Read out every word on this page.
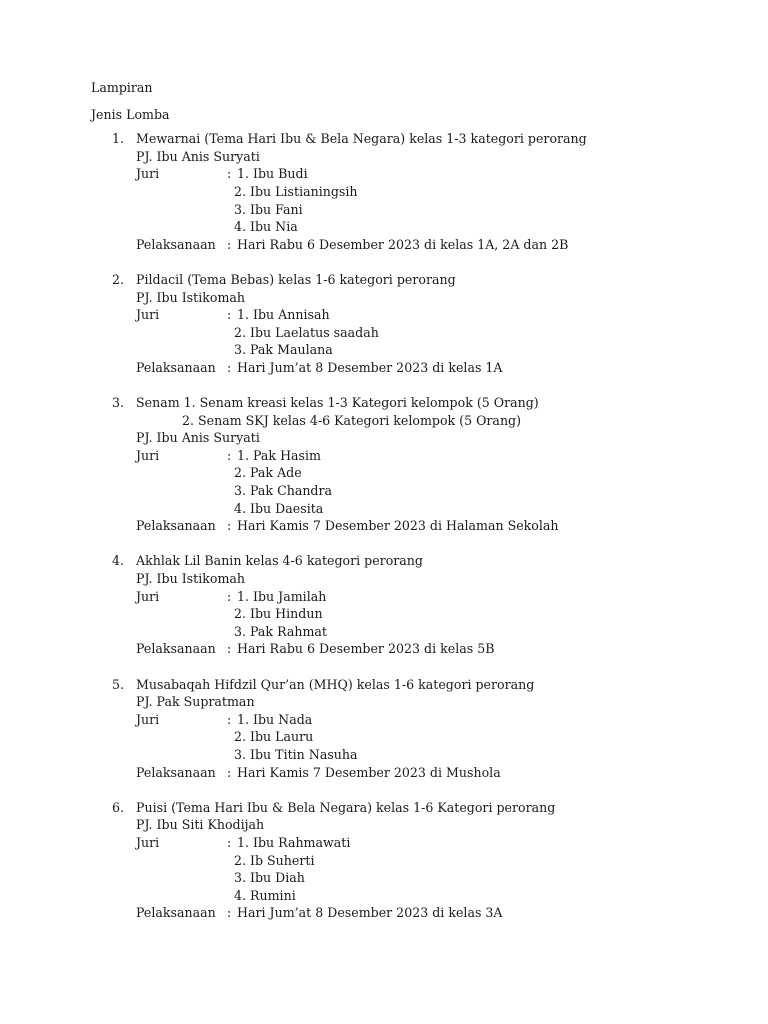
Lampiran
Jenis Lomba
1. Mewarnai (Tema Hari Ibu & Bela Negara) kelas 1-3 kategori perorang
PJ. Ibu Anis Suryati
Juri	: 1. Ibu Budi
2. Ibu Listianingsih
3. Ibu Fani
4. Ibu Nia
Pelaksanaan : Hari Rabu 6 Desember 2023 di kelas 1A, 2A dan 2B
2. Pildacil (Tema Bebas) kelas 1-6 kategori perorang
PJ. Ibu Istikomah
Juri	: 1. Ibu Annisah
2. Ibu Laelatus saadah
3. Pak Maulana
Pelaksanaan : Hari Jum’at 8 Desember 2023 di kelas 1A
3. Senam 1. Senam kreasi kelas 1-3 Kategori kelompok (5 Orang)
2. Senam SKJ kelas 4-6 Kategori kelompok (5 Orang)
PJ. Ibu Anis Suryati
Juri	: 1. Pak Hasim
2. Pak Ade
3. Pak Chandra
4. Ibu Daesita
Pelaksanaan : Hari Kamis 7 Desember 2023 di Halaman Sekolah
4. Akhlak Lil Banin kelas 4-6 kategori perorang
PJ. Ibu Istikomah
Juri	: 1. Ibu Jamilah
2. Ibu Hindun
3. Pak Rahmat
Pelaksanaan : Hari Rabu 6 Desember 2023 di kelas 5B
5. Musabaqah Hifdzil Qur’an (MHQ) kelas 1-6 kategori perorang
PJ. Pak Supratman
Juri	: 1. Ibu Nada
2. Ibu Lauru
3. Ibu Titin Nasuha
Pelaksanaan : Hari Kamis 7 Desember 2023 di Mushola
6. Puisi (Tema Hari Ibu & Bela Negara) kelas 1-6 Kategori perorang
PJ. Ibu Siti Khodijah
Juri	: 1. Ibu Rahmawati
2. Ib Suherti
3. Ibu Diah
4. Rumini
Pelaksanaan : Hari Jum’at 8 Desember 2023 di kelas 3A
